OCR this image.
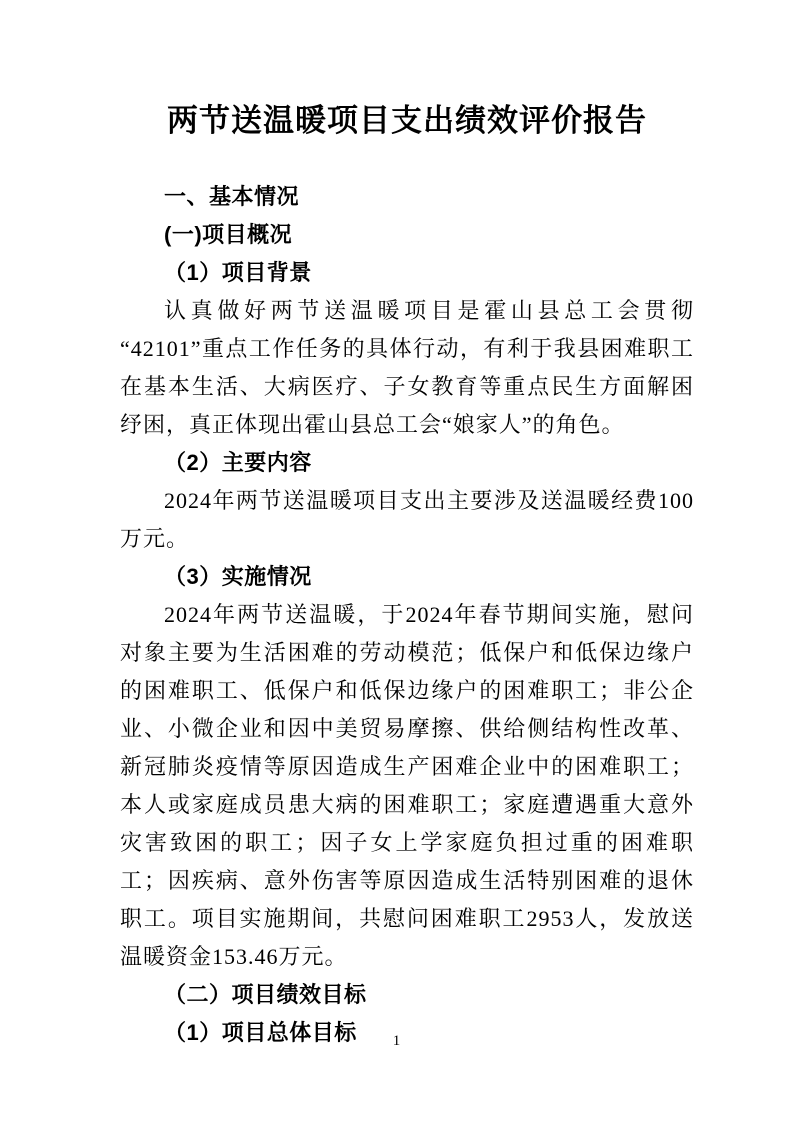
两节送温暖项目支出绩效评价报告

一、基本情况

(一)项目概况

（1）项目背景

认真做好两节送温暖项目是霍山县总工会贯彻“42101”重点工作任务的具体行动，有利于我县困难职工在基本生活、大病医疗、子女教育等重点民生方面解困纾困，真正体现出霍山县总工会“娘家人”的角色。

（2）主要内容

2024年两节送温暖项目支出主要涉及送温暖经费100万元。

（3）实施情况

2024年两节送温暖，于2024年春节期间实施，慰问对象主要为生活困难的劳动模范；低保户和低保边缘户的困难职工、低保户和低保边缘户的困难职工；非公企业、小微企业和因中美贸易摩擦、供给侧结构性改革、新冠肺炎疫情等原因造成生产困难企业中的困难职工；本人或家庭成员患大病的困难职工；家庭遭遇重大意外灾害致困的职工；因子女上学家庭负担过重的困难职工；因疾病、意外伤害等原因造成生活特别困难的退休职工。项目实施期间，共慰问困难职工2953人，发放送温暖资金153.46万元。

（二）项目绩效目标

（1）项目总体目标	1
